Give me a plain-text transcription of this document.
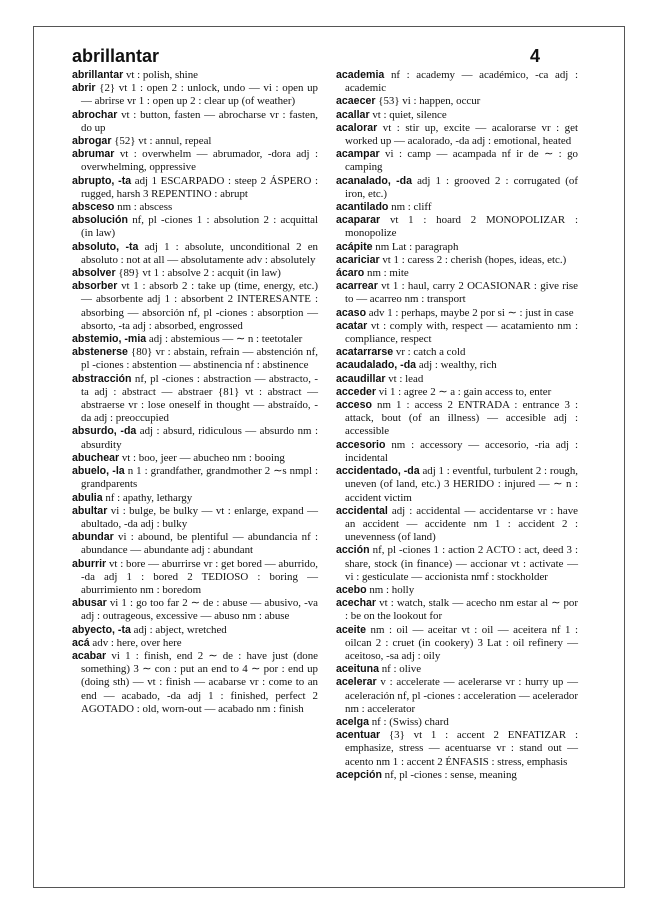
abrillantar	4

abrillantar vt : polish, shine

abrir {2} vt 1 : open 2 : unlock, undo — vi : open up — abrirse vr 1 : open up 2 : clear up (of weather)

abrochar vt : button, fasten — abrocharse vr : fasten, do up

abrogar {52} vt : annul, repeal

abrumar vt : overwhelm — abrumador, -dora adj : overwhelming, oppressive

abrupto, -ta adj 1 ESCARPADO : steep 2 ÁSPERO : rugged, harsh 3 REPENTINO : abrupt

absceso nm : abscess

absolución nf, pl -ciones 1 : absolution 2 : acquittal (in law)

absoluto, -ta adj 1 : absolute, unconditional 2 en absoluto : not at all — absolutamente adv : absolutely

absolver {89} vt 1 : absolve 2 : acquit (in law)

absorber vt 1 : absorb 2 : take up (time, energy, etc.) — absorbente adj 1 : absorbent 2 INTERESANTE : absorbing — absorción nf, pl -ciones : absorption — absorto, -ta adj : absorbed, engrossed

abstemio, -mia adj : abstemious — ∼ n : teetotaler

abstenerse {80} vr : abstain, refrain — abstención nf, pl -ciones : abstention — abstinencia nf : abstinence

abstracción nf, pl -ciones : abstraction — abstracto, -ta adj : abstract — abstraer {81} vt : abstract — abstraerse vr : lose oneself in thought — abstraído, -da adj : preoccupied

absurdo, -da adj : absurd, ridiculous — absurdo nm : absurdity

abuchear vt : boo, jeer — abucheo nm : booing

abuelo, -la n 1 : grandfather, grandmother 2 ∼s nmpl : grandparents

abulia nf : apathy, lethargy

abultar vi : bulge, be bulky — vt : enlarge, expand — abultado, -da adj : bulky

abundar vi : abound, be plentiful — abundancia nf : abundance — abundante adj : abundant

aburrir vt : bore — aburrirse vr : get bored — aburrido, -da adj 1 : bored 2 TEDIOSO : boring — aburrimiento nm : boredom

abusar vi 1 : go too far 2 ∼ de : abuse — abusivo, -va adj : outrageous, excessive — abuso nm : abuse

abyecto, -ta adj : abject, wretched

acá adv : here, over here

acabar vi 1 : finish, end 2 ∼ de : have just (done something) 3 ∼ con : put an end to 4 ∼ por : end up (doing sth) — vt : finish — acabarse vr : come to an end — acabado, -da adj 1 : finished, perfect 2 AGOTADO : old, worn-out — acabado nm : finish

academia nf : academy — académico, -ca adj : academic

acaecer {53} vi : happen, occur

acallar vt : quiet, silence

acalorar vt : stir up, excite — acalorarse vr : get worked up — acalorado, -da adj : emotional, heated

acampar vi : camp — acampada nf ir de ∼ : go camping

acanalado, -da adj 1 : grooved 2 : corrugated (of iron, etc.)

acantilado nm : cliff

acaparar vt 1 : hoard 2 MONOPOLIZAR : monopolize

acápite nm Lat : paragraph

acariciar vt 1 : caress 2 : cherish (hopes, ideas, etc.)

ácaro nm : mite

acarrear vt 1 : haul, carry 2 OCASIONAR : give rise to — acarreo nm : transport

acaso adv 1 : perhaps, maybe 2 por si ∼ : just in case

acatar vt : comply with, respect — acatamiento nm : compliance, respect

acatarrarse vr : catch a cold

acaudalado, -da adj : wealthy, rich

acaudillar vt : lead

acceder vi 1 : agree 2 ∼ a : gain access to, enter

acceso nm 1 : access 2 ENTRADA : entrance 3 : attack, bout (of an illness) — accesible adj : accessible

accesorio nm : accessory — accesorio, -ria adj : incidental

accidentado, -da adj 1 : eventful, turbulent 2 : rough, uneven (of land, etc.) 3 HERIDO : injured — ∼ n : accident victim

accidental adj : accidental — accidentarse vr : have an accident — accidente nm 1 : accident 2 : unevenness (of land)

acción nf, pl -ciones 1 : action 2 ACTO : act, deed 3 : share, stock (in finance) — accionar vt : activate — vi : gesticulate — accionista nmf : stockholder

acebo nm : holly

acechar vt : watch, stalk — acecho nm estar al ∼ por : be on the lookout for

aceite nm : oil — aceitar vt : oil — aceitera nf 1 : oilcan 2 : cruet (in cookery) 3 Lat : oil refinery — aceitoso, -sa adj : oily

aceituna nf : olive

acelerar v : accelerate — acelerarse vr : hurry up — aceleración nf, pl -ciones : acceleration — acelerador nm : accelerator

acelga nf : (Swiss) chard

acentuar {3} vt 1 : accent 2 ENFATIZAR : emphasize, stress — acentuarse vr : stand out — acento nm 1 : accent 2 ÉNFASIS : stress, emphasis

acepción nf, pl -ciones : sense, meaning
